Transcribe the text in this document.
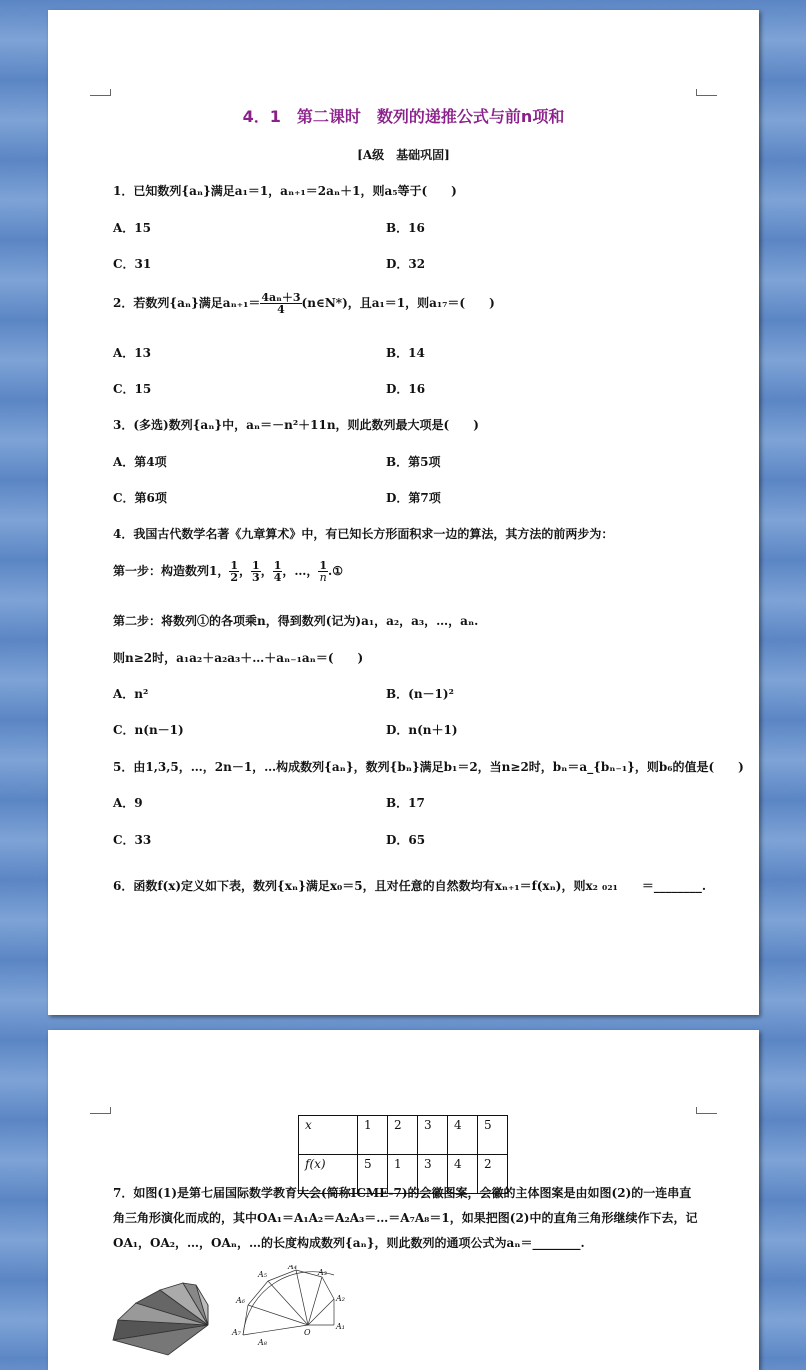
4．1　第二课时　数列的递推公式与前n项和
[A级　基础巩固]
1．已知数列{aₙ}满足a₁＝1，aₙ₊₁＝2aₙ＋1，则a₅等于(　　)
A．15	B．16
C．31	D．32
2．若数列{aₙ}满足$a_{n+1}= \frac{\text{4aₙ＋3}}{4}$ (n∈N*)，且a₁＝1，则a₁₇＝(　　)
A．13	B．14
C．15	D．16
3．(多选)数列{aₙ}中，aₙ＝－n²＋11n，则此数列最大项是(　　)
A．第4项	B．第5项
C．第6项	D．第7项
4．我国古代数学名著《九章算术》中，有已知长方形面积求一边的算法，其方法的前两步为：
第一步：构造数列1， $\frac{1}{2}$ ， $\frac{1}{3}$ ， $\frac{1}{4}$ ，…， $\frac{1}{n}$ .①
第二步：将数列①的各项乘n，得到数列(记为)a₁，a₂，a₃，…，aₙ.
则n≥2时，a₁a₂＋a₂a₃＋…＋aₙ₋₁aₙ＝(　　)
A．n²	B．(n－1)²
C．n(n－1)	D．n(n＋1)
5．由1,3,5，…，2n－1，…构成数列{aₙ}，数列{bₙ}满足b₁＝2，当n≥2时，bₙ＝a_{bₙ₋₁}，则b₆的值是(　　)
A．9	B．17
C．33	D．65
6．函数f(x)定义如下表，数列{xₙ}满足x₀＝5，且对任意的自然数均有xₙ₊₁＝f(xₙ)，则x₂ ₀₂₁　　＝________.
x	1	2	3	4	5
f(x)	5	1	3	4	2
7．如图(1)是第七届国际数学教育大会(简称ICME-7)的会徽图案，会徽的主体图案是由如图(2)的一连串直
角三角形演化而成的，其中OA₁＝A₁A₂＝A₂A₃＝…＝A₇A₈＝1，如果把图(2)中的直角三角形继续作下去，记
OA₁，OA₂，…，OAₙ，…的长度构成数列{aₙ}，则此数列的通项公式为aₙ＝________.
A₄
A₅	A₃
A₆	A₂
A₇
A₁
A₈
O
